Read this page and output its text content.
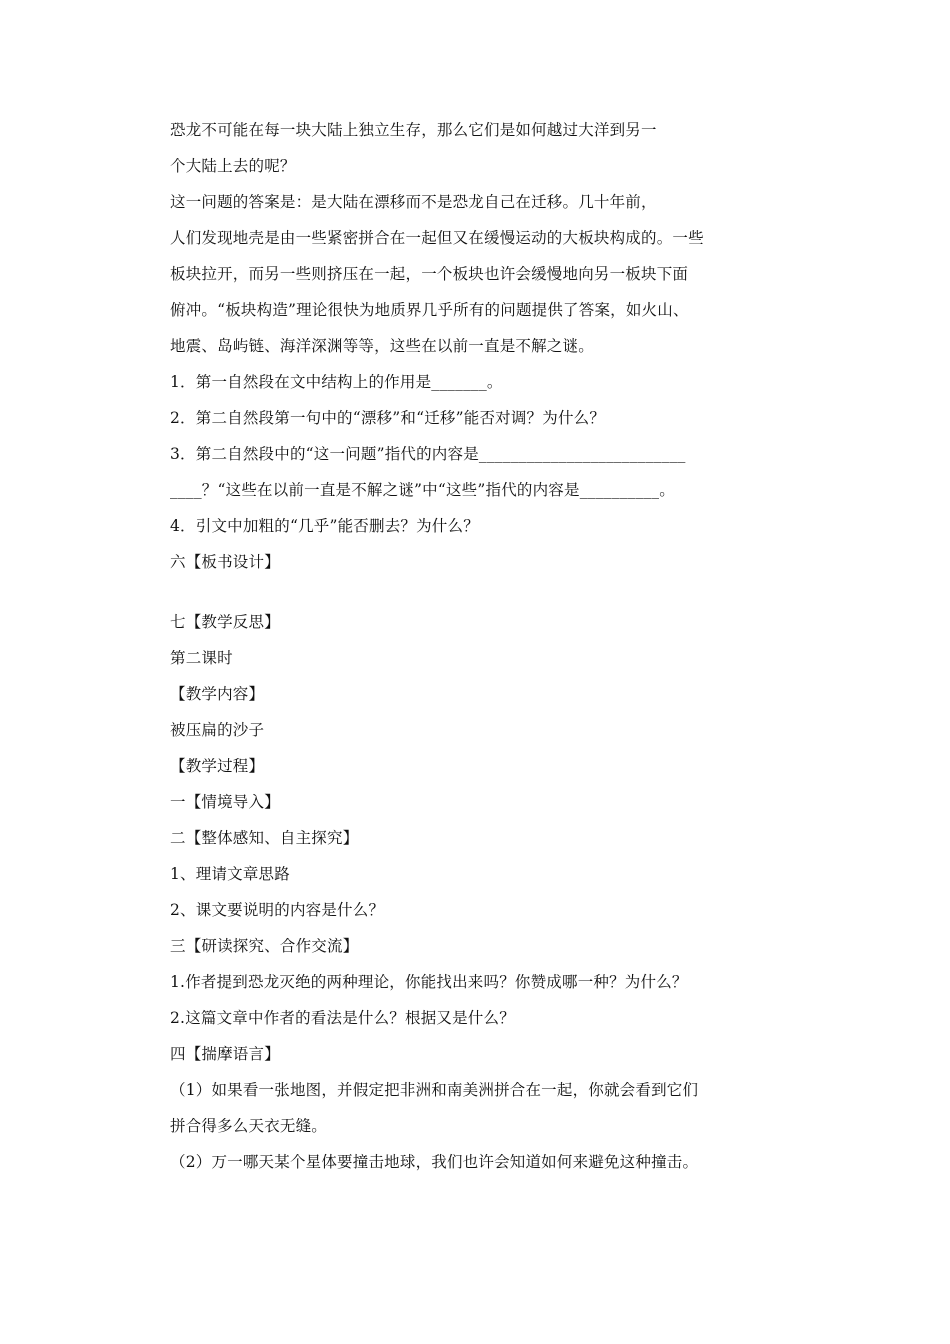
恐龙不可能在每一块大陆上独立生存，那么它们是如何越过大洋到另一
个大陆上去的呢？
这一问题的答案是：是大陆在漂移而不是恐龙自己在迁移。几十年前，
人们发现地壳是由一些紧密拼合在一起但又在缓慢运动的大板块构成的。一些
板块拉开，而另一些则挤压在一起，一个板块也许会缓慢地向另一板块下面
俯冲。“板块构造”理论很快为地质界几乎所有的问题提供了答案，如火山、
地震、岛屿链、海洋深渊等等，这些在以前一直是不解之谜。
1．第一自然段在文中结构上的作用是_______。
2．第二自然段第一句中的“漂移”和“迁移”能否对调？为什么？
3．第二自然段中的“这一问题”指代的内容是__________________________
____？“这些在以前一直是不解之谜”中“这些”指代的内容是__________。
4．引文中加粗的“几乎”能否删去？为什么？
六【板书设计】
七【教学反思】
第二课时
【教学内容】
被压扁的沙子
【教学过程】
一【情境导入】
二【整体感知、自主探究】
1、理请文章思路
2、课文要说明的内容是什么？
三【研读探究、合作交流】
1.作者提到恐龙灭绝的两种理论，你能找出来吗？你赞成哪一种？为什么？
2.这篇文章中作者的看法是什么？根据又是什么？
四【揣摩语言】
（1）如果看一张地图，并假定把非洲和南美洲拼合在一起，你就会看到它们
拼合得多么天衣无缝。
（2）万一哪天某个星体要撞击地球，我们也许会知道如何来避免这种撞击。
